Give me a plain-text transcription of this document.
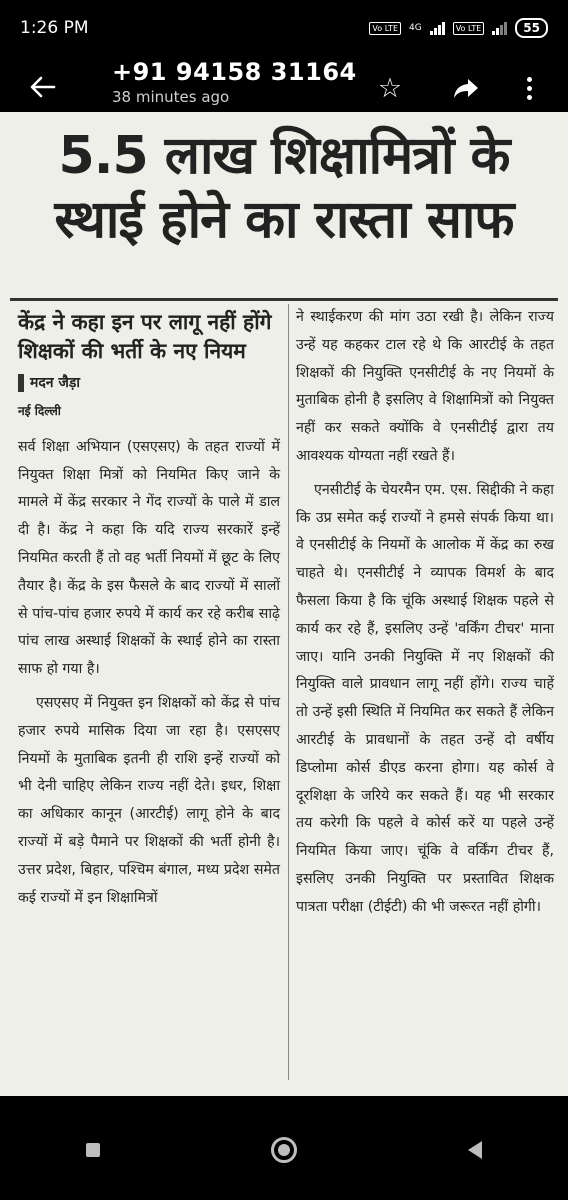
1:26 PM	Vo LTE	4G	Vo LTE	55
5.5 लाख शिक्षामित्रों के स्थाई होने का रास्ता साफ
केंद्र ने कहा इन पर लागू नहीं होंगे शिक्षकों की भर्ती के नए नियम
मदन जैड़ा
नई दिल्ली

सर्व शिक्षा अभियान (एसएसए) के तहत राज्यों में नियुक्त शिक्षा मित्रों को नियमित किए जाने के मामले में केंद्र सरकार ने गेंद राज्यों के पाले में डाल दी है। केंद्र ने कहा कि यदि राज्य सरकारें इन्हें नियमित करती हैं तो वह भर्ती नियमों में छूट के लिए तैयार है। केंद्र के इस फैसले के बाद राज्यों में सालों से पांच-पांच हजार रुपये में कार्य कर रहे करीब साढ़े पांच लाख अस्थाई शिक्षकों के स्थाई होने का रास्ता साफ हो गया है।

एसएसए में नियुक्त इन शिक्षकों को केंद्र से पांच हजार रुपये मासिक दिया जा रहा है। एसएसए नियमों के मुताबिक इतनी ही राशि इन्हें राज्यों को भी देनी चाहिए लेकिन राज्य नहीं देते। इधर, शिक्षा का अधिकार कानून (आरटीई) लागू होने के बाद राज्यों में बड़े पैमाने पर शिक्षकों की भर्ती होनी है। उत्तर प्रदेश, बिहार, पश्चिम बंगाल, मध्य प्रदेश समेत कई राज्यों में इन शिक्षामित्रों

ने स्थाईकरण की मांग उठा रखी है। लेकिन राज्य उन्हें यह कहकर टाल रहे थे कि आरटीई के तहत शिक्षकों की नियुक्ति एनसीटीई के नए नियमों के मुताबिक होनी है इसलिए वे शिक्षामित्रों को नियुक्त नहीं कर सकते क्योंकि वे एनसीटीई द्वारा तय आवश्यक योग्यता नहीं रखते हैं।

एनसीटीई के चेयरमैन एम. एस. सिद्दीकी ने कहा कि उप्र समेत कई राज्यों ने हमसे संपर्क किया था। वे एनसीटीई के नियमों के आलोक में केंद्र का रुख चाहते थे। एनसीटीई ने व्यापक विमर्श के बाद फैसला किया है कि चूंकि अस्थाई शिक्षक पहले से कार्य कर रहे हैं, इसलिए उन्हें 'वर्किंग टीचर' माना जाए। यानि उनकी नियुक्ति में नए शिक्षकों की नियुक्ति वाले प्रावधान लागू नहीं होंगे। राज्य चाहें तो उन्हें इसी स्थिति में नियमित कर सकते हैं लेकिन आरटीई के प्रावधानों के तहत उन्हें दो वर्षीय डिप्लोमा कोर्स डीएड करना होगा। यह कोर्स वे दूरशिक्षा के जरिये कर सकते हैं। यह भी सरकार तय करेगी कि पहले वे कोर्स करें या पहले उन्हें नियमित किया जाए। चूंकि वे वर्किंग टीचर हैं, इसलिए उनकी नियुक्ति पर प्रस्तावित शिक्षक पात्रता परीक्षा (टीईटी) की भी जरूरत नहीं होगी।

+91 94158 31164
38 minutes ago	☆
